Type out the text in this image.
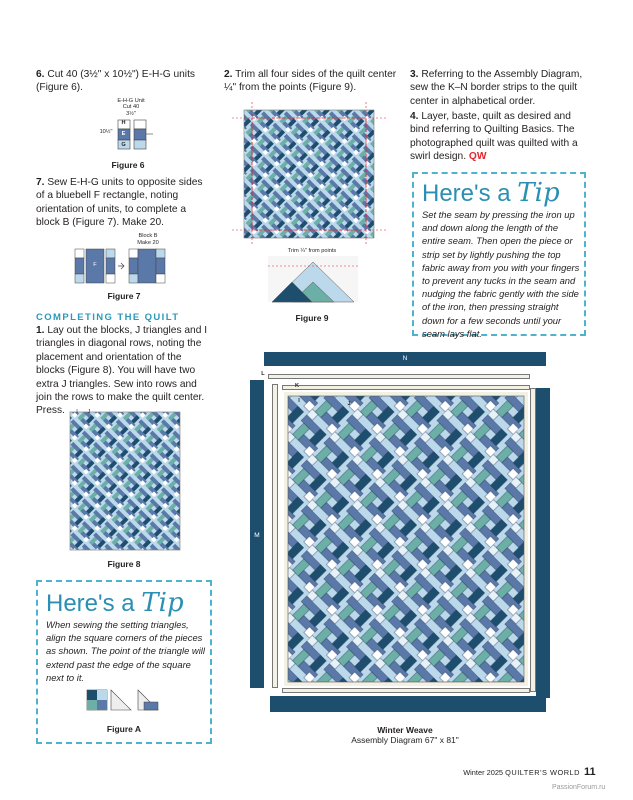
6. Cut 40 (3½" x 10½") E-H-G units (Figure 6).
E-H-G Unit
Cut 40
3½"
10½"
H
E
G
Figure 6
7. Sew E-H-G units to opposite sides of a bluebell F rectangle, noting orientation of units, to complete a block B (Figure 7). Make 20.
Block B
Make 20
F
Figure 7
COMPLETING THE QUILT
1. Lay out the blocks, J triangles and I triangles in diagonal rows, noting the placement and orientation of the blocks (Figure 8). You will have two extra J triangles. Sew into rows and join the rows to make the quilt center. Press.	I	J
Figure 8
Here's a Tip
When sewing the setting triangles, align the square corners of the pieces as shown. The point of the triangle will extend past the edge of the square next to it.
Figure A
2. Trim all four sides of the quilt center ¼" from the points (Figure 9).
Trim ¼" from points
Figure 9
3. Referring to the Assembly Diagram, sew the K–N border strips to the quilt center in alphabetical order.
4. Layer, baste, quilt as desired and bind referring to Quilting Basics. The photographed quilt was quilted with a swirl design. QW
Here's a Tip
Set the seam by pressing the iron up and down along the length of the entire seam. Then open the piece or strip set by lightly pushing the top fabric away from you with your fingers to prevent any tucks in the seam and nudging the fabric gently with the side of the iron, then pressing straight down for a few seconds until your seam lays flat.
N
L
K
M
I	J
Winter Weave
Assembly Diagram 67" x 81"
Winter 2025 QUILTER'S WORLD 11
PassionForum.ru
